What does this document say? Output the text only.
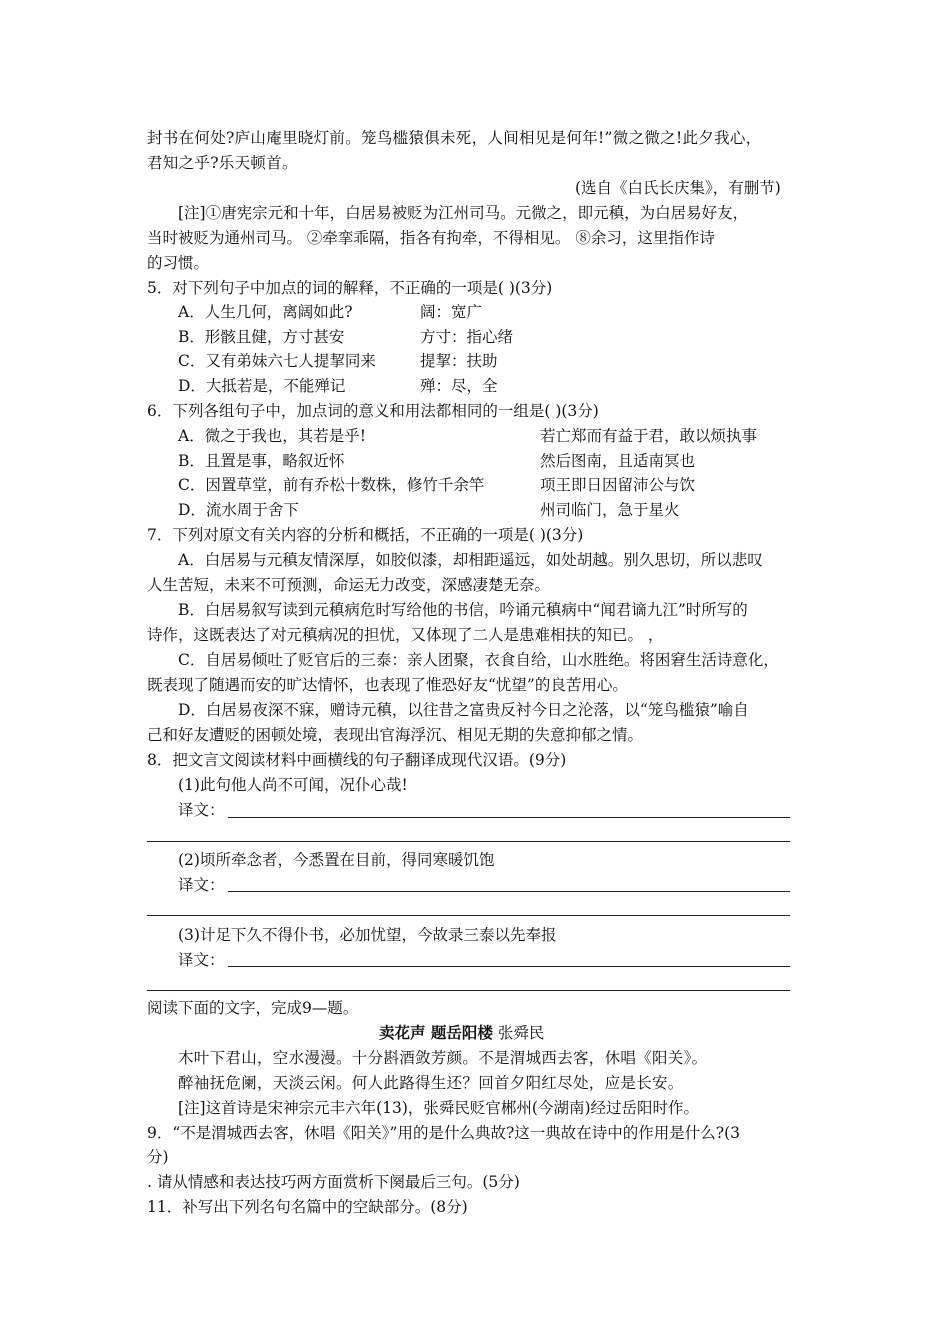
封书在何处?庐山庵里晓灯前。笼鸟槛猿俱未死，人间相见是何年!”微之微之!此夕我心，
君知之乎?乐天顿首。
(选自《白氏长庆集》，有删节)
[注]①唐宪宗元和十年，白居易被贬为江州司马。元微之，即元稹，为白居易好友，
当时被贬为通州司马。 ②牵挛乖隔，指各有拘牵，不得相见。 ⑧余习，这里指作诗
的习惯。
5．对下列句子中加点的词的解释，不正确的一项是( )(3分)
A．人生几何，离阔如此?	阔：宽广
B．形骸且健，方寸甚安	方寸：指心绪
C．又有弟妹六七人提挈同来	提挈：扶助
D．大抵若是，不能殚记	殚：尽，全
6．下列各组句子中，加点词的意义和用法都相同的一组是( )(3分)
A．微之于我也，其若是乎!	若亡郑而有益于君，敢以烦执事
B．且置是事，略叙近怀	然后图南，且适南冥也
C．因置草堂，前有乔松十数株，修竹千余竿	项王即日因留沛公与饮
D．流水周于舍下	州司临门，急于星火
7．下列对原文有关内容的分析和概括，不正确的一项是( )(3分)
A．白居易与元稹友情深厚，如胶似漆，却相距遥远，如处胡越。别久思切，所以悲叹
人生苦短，未来不可预测，命运无力改变，深感凄楚无奈。
B．白居易叙写读到元稹病危时写给他的书信，吟诵元稹病中“闻君谪九江”时所写的
诗作，这既表达了对元稹病况的担忧，又体现了二人是患难相扶的知已。 ，
C．自居易倾吐了贬官后的三泰：亲人团聚，衣食自给，山水胜绝。将困窘生活诗意化，
既表现了随遇而安的旷达情怀，也表现了惟恐好友“忧望”的良苦用心。
D．白居易夜深不寐，赠诗元稹，以往昔之富贵反衬今日之沦落，以“笼鸟槛猿”喻自
己和好友遭贬的困顿处境，表现出官海浮沉、相见无期的失意抑郁之情。
8．把文言文阅读材料中画横线的句子翻译成现代汉语。(9分)
(1)此句他人尚不可闻，况仆心哉!
译文：
(2)顷所牵念者，今悉置在目前，得同寒暖饥饱
译文：
(3)计足下久不得仆书，必加忧望，今故录三泰以先奉报
译文：
阅读下面的文字，完成9—题。
卖花声 题岳阳楼 张舜民
木叶下君山，空水漫漫。十分斟酒敛芳颜。不是渭城西去客，休唱《阳关》。
醉袖抚危阑，天淡云闲。何人此路得生还？回首夕阳红尽处，应是长安。
[注]这首诗是宋神宗元丰六年(13)，张舜民贬官郴州(今湖南)经过岳阳时作。
9．“不是渭城西去客，休唱《阳关》”用的是什么典故?这一典故在诗中的作用是什么?(3
分)
. 请从情感和表达技巧两方面赏析下阕最后三句。(5分)
11．补写出下列名句名篇中的空缺部分。(8分)
